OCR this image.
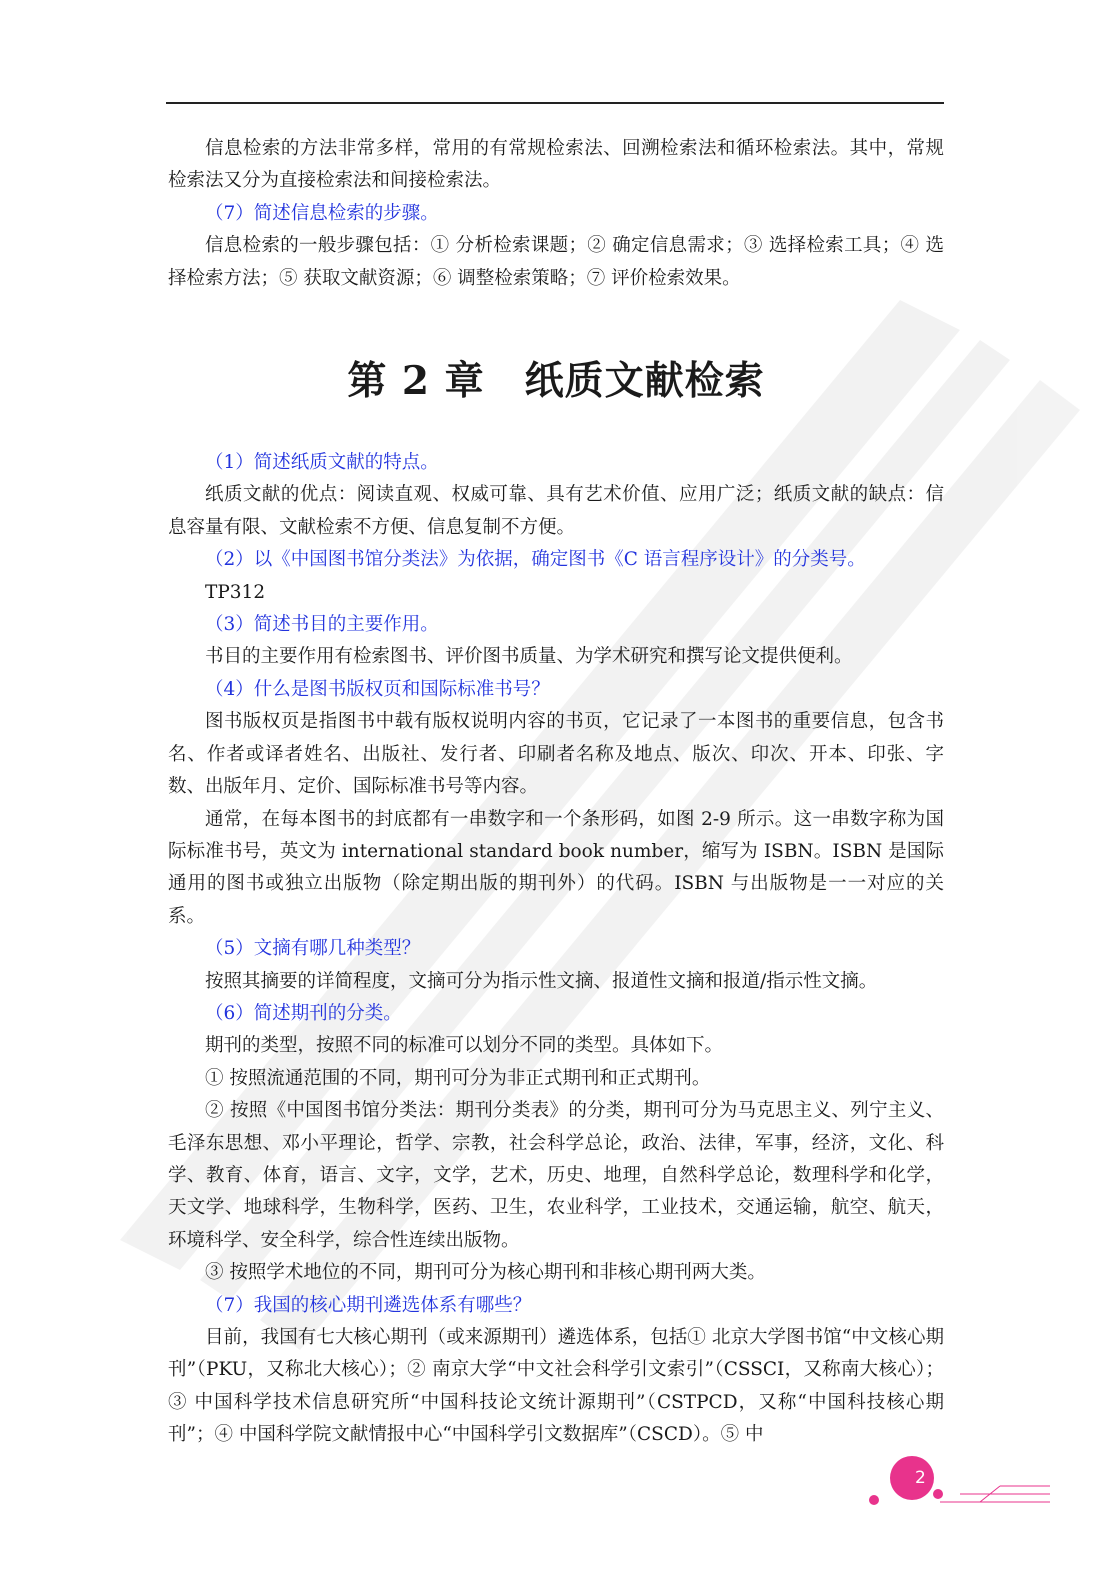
信息检索的方法非常多样，常用的有常规检索法、回溯检索法和循环检索法。其中，常规检索法又分为直接检索法和间接检索法。

（7）简述信息检索的步骤。

信息检索的一般步骤包括：① 分析检索课题；② 确定信息需求；③ 选择检索工具；④ 选择检索方法；⑤ 获取文献资源；⑥ 调整检索策略；⑦ 评价检索效果。

第 2 章 纸质文献检索

（1）简述纸质文献的特点。

纸质文献的优点：阅读直观、权威可靠、具有艺术价值、应用广泛；纸质文献的缺点：信息容量有限、文献检索不方便、信息复制不方便。

（2）以《中国图书馆分类法》为依据，确定图书《C 语言程序设计》的分类号。

TP312

（3）简述书目的主要作用。

书目的主要作用有检索图书、评价图书质量、为学术研究和撰写论文提供便利。

（4）什么是图书版权页和国际标准书号？

图书版权页是指图书中载有版权说明内容的书页，它记录了一本图书的重要信息，包含书名、作者或译者姓名、出版社、发行者、印刷者名称及地点、版次、印次、开本、印张、字数、出版年月、定价、国际标准书号等内容。

通常，在每本图书的封底都有一串数字和一个条形码，如图 2-9 所示。这一串数字称为国际标准书号，英文为 international standard book number，缩写为 ISBN。ISBN 是国际通用的图书或独立出版物（除定期出版的期刊外）的代码。ISBN 与出版物是一一对应的关系。

（5）文摘有哪几种类型？

按照其摘要的详简程度，文摘可分为指示性文摘、报道性文摘和报道/指示性文摘。

（6）简述期刊的分类。

期刊的类型，按照不同的标准可以划分不同的类型。具体如下。

① 按照流通范围的不同，期刊可分为非正式期刊和正式期刊。

② 按照《中国图书馆分类法：期刊分类表》的分类，期刊可分为马克思主义、列宁主义、毛泽东思想、邓小平理论，哲学、宗教，社会科学总论，政治、法律，军事，经济，文化、科学、教育、体育，语言、文字，文学，艺术，历史、地理，自然科学总论，数理科学和化学，天文学、地球科学，生物科学，医药、卫生，农业科学，工业技术，交通运输，航空、航天，环境科学、安全科学，综合性连续出版物。

③ 按照学术地位的不同，期刊可分为核心期刊和非核心期刊两大类。

（7）我国的核心期刊遴选体系有哪些？

目前，我国有七大核心期刊（或来源期刊）遴选体系，包括① 北京大学图书馆“中文核心期刊”（PKU，又称北大核心）；② 南京大学“中文社会科学引文索引”（CSSCI，又称南大核心）；③ 中国科学技术信息研究所“中国科技论文统计源期刊”（CSTPCD，又称“中国科技核心期刊”；④ 中国科学院文献情报中心“中国科学引文数据库”（CSCD）。⑤ 中

2
